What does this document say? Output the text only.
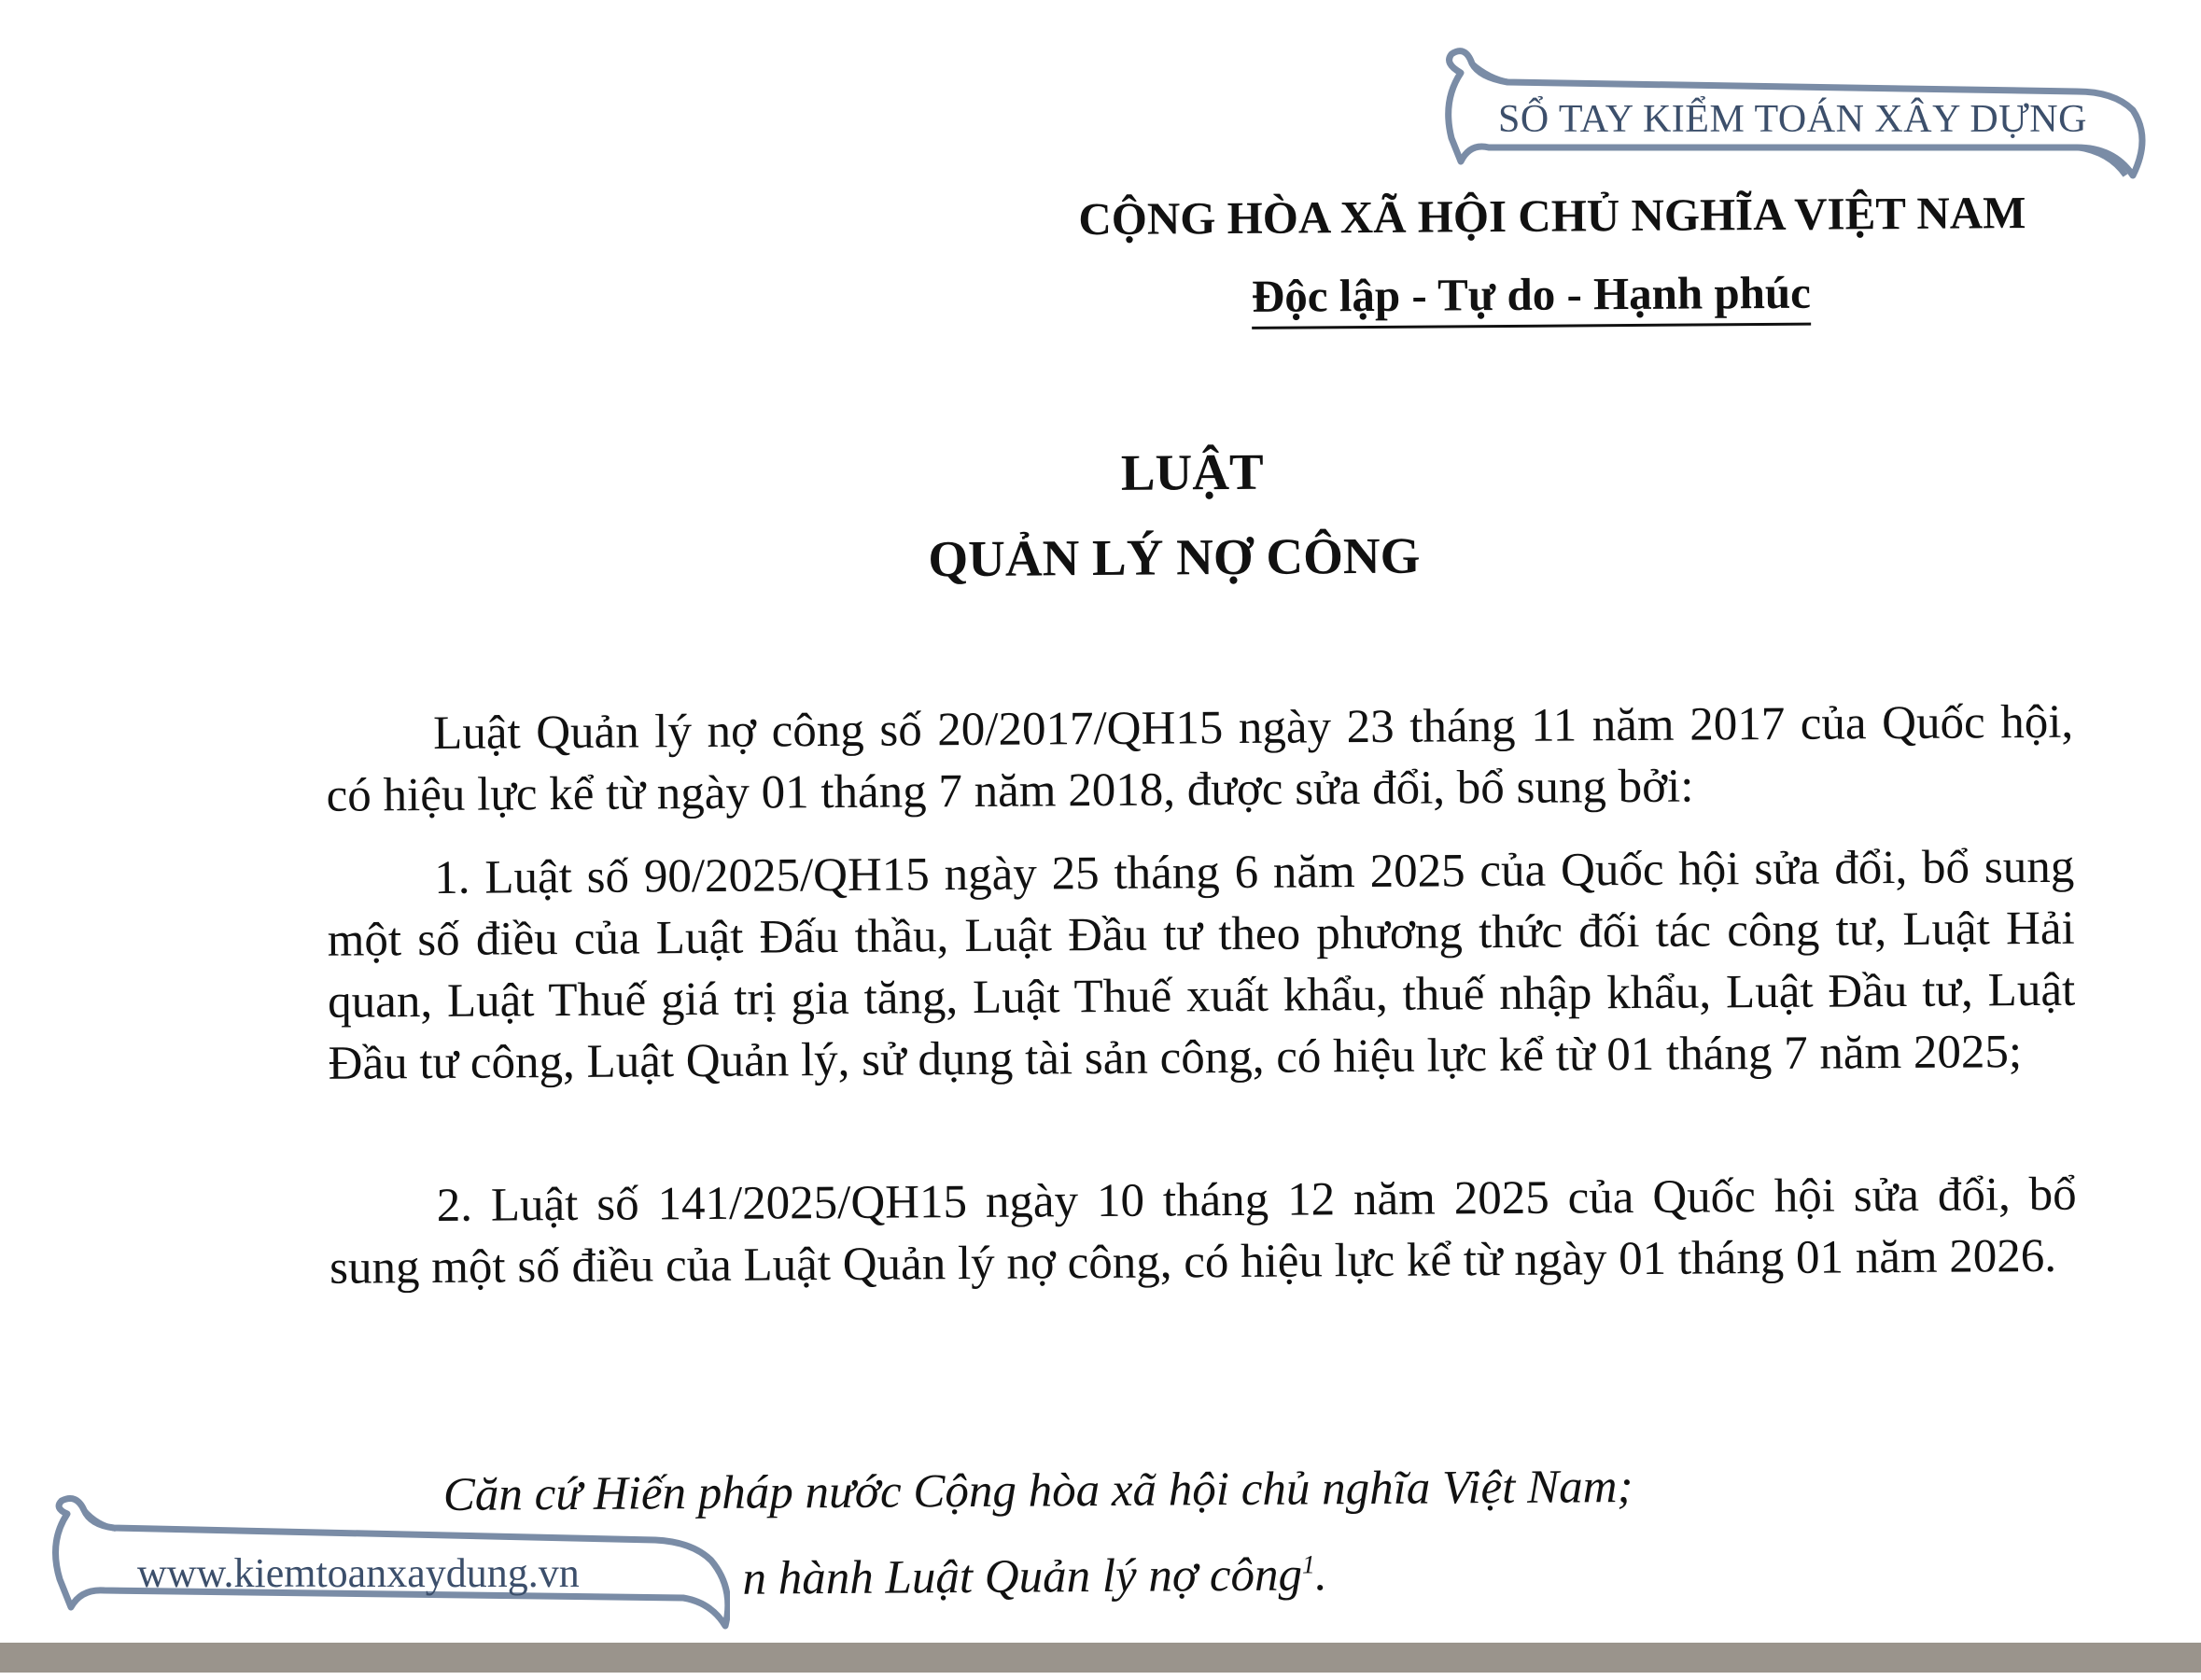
CỘNG HÒA XÃ HỘI CHỦ NGHĨA VIỆT NAM
Độc lập - Tự do - Hạnh phúc
LUẬT
QUẢN LÝ NỢ CÔNG

Luật Quản lý nợ công số 20/2017/QH15 ngày 23 tháng 11 năm 2017 của Quốc hội, có hiệu lực kể từ ngày 01 tháng 7 năm 2018, được sửa đổi, bổ sung bởi:

1. Luật số 90/2025/QH15 ngày 25 tháng 6 năm 2025 của Quốc hội sửa đổi, bổ sung một số điều của Luật Đấu thầu, Luật Đầu tư theo phương thức đối tác công tư, Luật Hải quan, Luật Thuế giá trị gia tăng, Luật Thuế xuất khẩu, thuế nhập khẩu, Luật Đầu tư, Luật Đầu tư công, Luật Quản lý, sử dụng tài sản công, có hiệu lực kể từ 01 tháng 7 năm 2025;

2. Luật số 141/2025/QH15 ngày 10 tháng 12 năm 2025 của Quốc hội sửa đổi, bổ sung một số điều của Luật Quản lý nợ công, có hiệu lực kể từ ngày 01 tháng 01 năm 2026.

Căn cứ Hiến pháp nước Cộng hòa xã hội chủ nghĩa Việt Nam;
n hành Luật Quản lý nợ công$^1$.
SỔ TAY KIỂM TOÁN XÂY DỰNG
www.kiemtoanxaydung.vn
